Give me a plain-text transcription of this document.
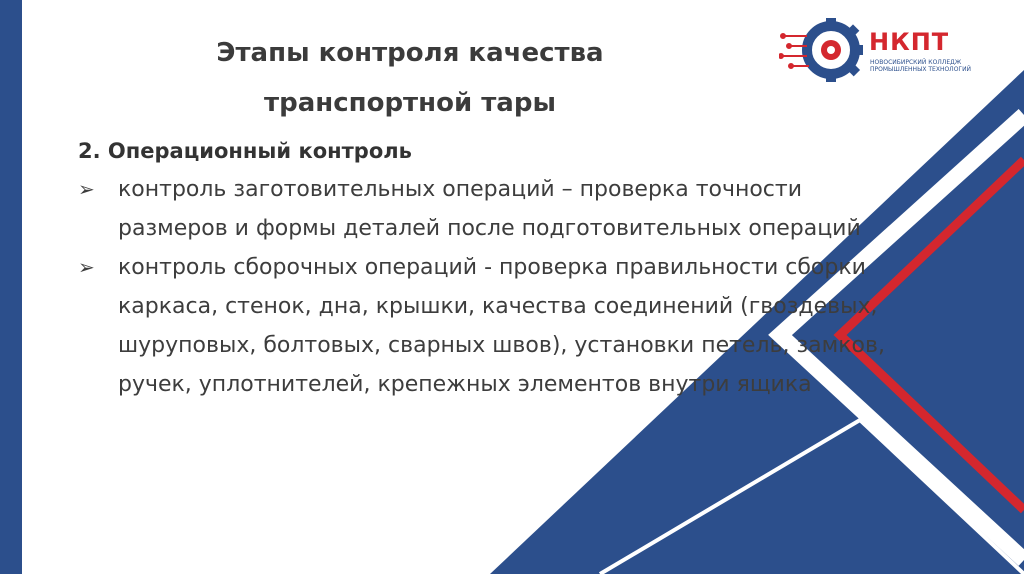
НКПТ
НОВОСИБИРСКИЙ КОЛЛЕДЖ ПРОМЫШЛЕННЫХ ТЕХНОЛОГИЙ
Этапы контроля качества
транспортной тары
2. Операционный контроль
➢ контроль заготовительных операций – проверка точности размеров и формы деталей после подготовительных операций
➢ контроль сборочных операций - проверка правильности сборки каркаса, стенок, дна, крышки, качества соединений (гвоздевых, шуруповых, болтовых, сварных швов), установки петель, замков, ручек, уплотнителей, крепежных элементов внутри ящика
